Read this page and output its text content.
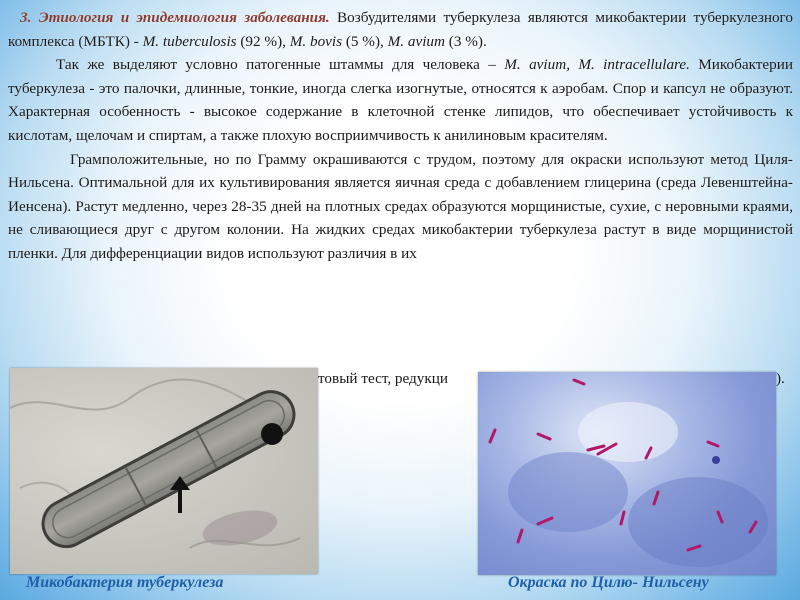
3. Этиология и эпидемиология заболевания. Возбудителями туберкулеза являются микобактерии туберкулезного комплекса (МБТК) - M. tuberculosis (92 %), M. bovis (5 %), M. avium (3 %).

Так же выделяют условно патогенные штаммы для человека – M. avium, M. intracellulare. Микобактерии туберкулеза - это палочки, длинные, тонкие, иногда слегка изогнутые, относятся к аэробам. Спор и капсул не образуют. Характерная особенность - высокое содержание в клеточной стенке липидов, что обеспечивает устойчивость к кислотам, щелочам и спиртам, а также плохую восприимчивость к анилиновым красителям.

Грамположительные, но по Грамму окрашиваются с трудом, поэтому для окраски используют метод Циля-Нильсена. Оптимальной для их культивирования является яичная среда с добавлением глицерина (среда Левенштейна-Иенсена). Растут медленно, через 28-35 дней на плотных средах образуются морщинистые, сухие, с неровными краями, не сливающиеся друг с другом колонии. На жидких средах микобактерии туберкулеза растут в виде морщинистой пленки. Для дифференциации видов используют различия в их

Микобактерия туберкулеза	Окраска по Цилю- Нильсену
товый тест, редукци	).
